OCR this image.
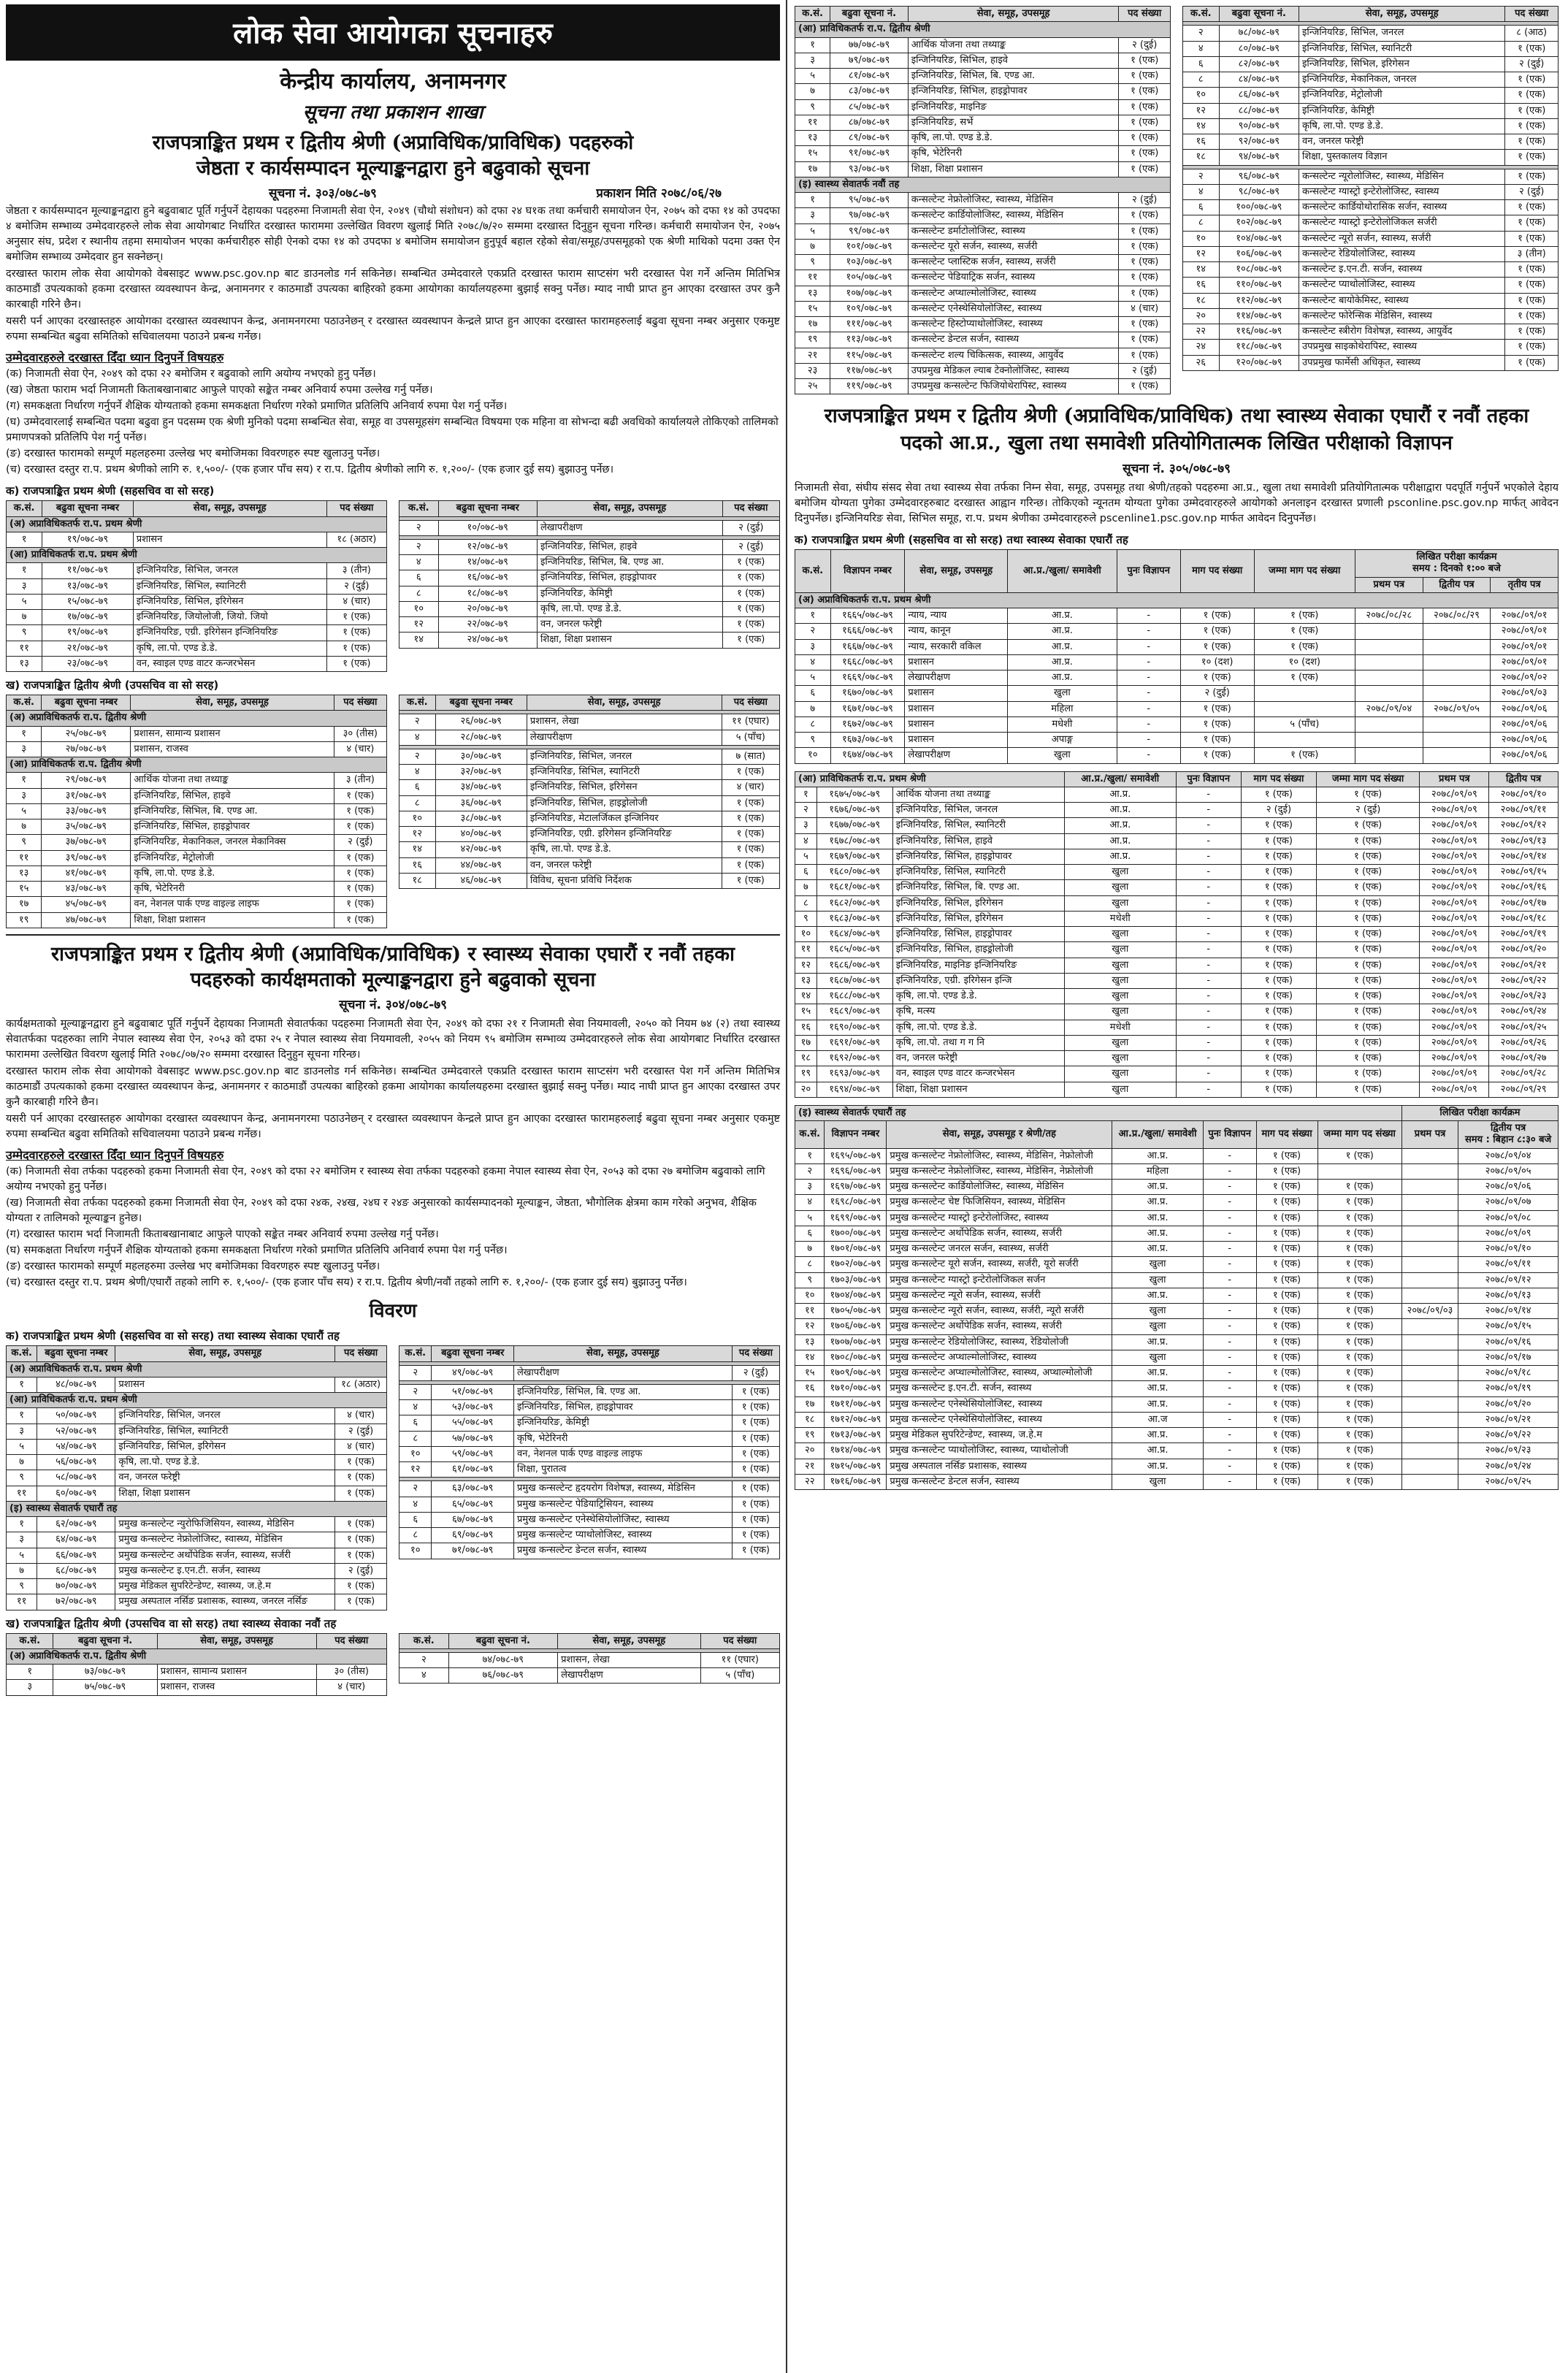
लोक सेवा आयोगका सूचनाहरु
केन्द्रीय कार्यालय, अनामनगर
सूचना तथा प्रकाशन शाखा
राजपत्राङ्कित प्रथम र द्वितीय श्रेणी (अप्राविधिक/प्राविधिक) पदहरुको
जेष्ठता र कार्यसम्पादन मूल्याङ्कनद्वारा हुने बढुवाको सूचना
सूचना नं. ३०३/०७८-७९	प्रकाशन मिति २०७८/०६/२७
जेष्ठता र कार्यसम्पादन मूल्याङ्कनद्वारा हुने बढुवाबाट पूर्ति गर्नुपर्ने देहायका पदहरुमा निजामती सेवा ऐन, २०४९ (चौथो संशोधन) को दफा २४ घ१क तथा कर्मचारी समायोजन ऐन, २०७५ को दफा १४ को उपदफा ४ बमोजिम सम्भाव्य उम्मेदवारहरुले लोक सेवा आयोगबाट निर्धारित दरखास्त फाराममा उल्लेखित विवरण खुलाई मिति २०७८/७/२० सम्ममा दरखास्त दिनुहुन सूचना गरिन्छ। कर्मचारी समायोजन ऐन, २०७५ अनुसार संघ, प्रदेश र स्थानीय तहमा समायोजन भएका कर्मचारीहरु सोही ऐनको दफा १४ को उपदफा ४ बमोजिम समायोजन हुनुपूर्व बहाल रहेको सेवा/समूह/उपसमूहको एक श्रेणी माथिको पदमा उक्त ऐन बमोजिम सम्भाव्य उम्मेदवार हुन सक्नेछन्।
दरखास्त फाराम लोक सेवा आयोगको वेबसाइट www.psc.gov.np बाट डाउनलोड गर्न सकिनेछ। सम्बन्धित उम्मेदवारले एकप्रति दरखास्त फाराम साप्टसंग भरी दरखास्त पेश गर्ने अन्तिम मितिभित्र काठमाडौं उपत्यकाको हकमा दरखास्त व्यवस्थापन केन्द्र, अनामनगर र काठमाडौं उपत्यका बाहिरको हकमा आयोगका कार्यालयहरुमा बुझाई सक्नु पर्नेछ। म्याद नाघी प्राप्त हुन आएका दरखास्त उपर कुनै कारबाही गरिने छैन।
यसरी पर्न आएका दरखास्तहरु आयोगका दरखास्त व्यवस्थापन केन्द्र, अनामनगरमा पठाउनेछन् र दरखास्त व्यवस्थापन केन्द्रले प्राप्त हुन आएका दरखास्त फारामहरुलाई बढुवा सूचना नम्बर अनुसार एकमुष्ट रुपमा सम्बन्धित बढुवा समितिको सचिवालयमा पठाउने प्रबन्ध गर्नेछ।
उम्मेदवारहरुले दरखास्त दिँदा ध्यान दिनुपर्ने विषयहरु
(क) निजामती सेवा ऐन, २०४९ को दफा २२ बमोजिम र बढुवाको लागि अयोग्य नभएको हुनु पर्नेछ।
(ख) जेष्ठता फाराम भर्दा निजामती किताबखानाबाट आफुले पाएको सङ्केत नम्बर अनिवार्य रुपमा उल्लेख गर्नु पर्नेछ।
(ग) समकक्षता निर्धारण गर्नुपर्ने शैक्षिक योग्यताको हकमा समकक्षता निर्धारण गरेको प्रमाणित प्रतिलिपि अनिवार्य रुपमा पेश गर्नु पर्नेछ।
(घ) उम्मेदवारलाई सम्बन्धित पदमा बढुवा हुन पदसम्म एक श्रेणी मुनिको पदमा सम्बन्धित सेवा, समूह वा उपसमूहसंग सम्बन्धित विषयमा एक महिना वा सोभन्दा बढी अवधिको कार्यालयले तोकिएको तालिमको प्रमाणपत्रको प्रतिलिपि पेश गर्नु पर्नेछ।
(ङ) दरखास्त फारामको सम्पूर्ण महलहरुमा उल्लेख भए बमोजिमका विवरणहरु स्पष्ट खुलाउनु पर्नेछ।
(च) दरखास्त दस्तुर रा.प. प्रथम श्रेणीको लागि रु. १,५००/- (एक हजार पाँच सय) र रा.प. द्वितीय श्रेणीको लागि रु. १,२००/- (एक हजार दुई सय) बुझाउनु पर्नेछ।
क) राजपत्राङ्कित प्रथम श्रेणी (सहसचिव वा सो सरह)
क.सं.	बढुवा सूचना नम्बर	सेवा, समूह, उपसमूह	पद संख्या
(अ) अप्राविधिकतर्फ रा.प. प्रथम श्रेणी			
१	१९/०७८-७९	प्रशासन	१८ (अठार)
(आ) प्राविधिकतर्फ रा.प. प्रथम श्रेणी			
१	११/०७८-७९	इन्जिनियरिङ, सिभिल, जनरल	३ (तीन)
३	१३/०७८-७९	इन्जिनियरिङ, सिभिल, स्यानिटरी	२ (दुई)
५	१५/०७८-७९	इन्जिनियरिङ, सिभिल, इरिगेसन	४ (चार)
७	१७/०७८-७९	इन्जिनियरिङ, जियोलोजी, जियो. जियो	१ (एक)
९	१९/०७८-७९	इन्जिनियरिङ, एग्री. इरिगेसन इन्जिनियरिङ	१ (एक)
११	२१/०७८-७९	कृषि, ला.पो. एण्ड डे.डे.	१ (एक)
१३	२३/०७८-७९	वन, स्वाइल एण्ड वाटर कन्जरभेसन	१ (एक)
क.सं.	बढुवा सूचना नम्बर	सेवा, समूह, उपसमूह	पद संख्या

२	१०/०७८-७९	लेखापरीक्षण	२ (दुई)

२	१२/०७८-७९	इन्जिनियरिङ, सिभिल, हाइवे	२ (दुई)
४	१४/०७८-७९	इन्जिनियरिङ, सिभिल, बि. एण्ड आ.	१ (एक)
६	१६/०७८-७९	इन्जिनियरिङ, सिभिल, हाइड्रोपावर	१ (एक)
८	१८/०७८-७९	इन्जिनियरिङ, केमिष्ट्री	१ (एक)
१०	२०/०७८-७९	कृषि, ला.पो. एण्ड डे.डे.	१ (एक)
१२	२२/०७८-७९	वन, जनरल फरेष्ट्री	१ (एक)
१४	२४/०७८-७९	शिक्षा, शिक्षा प्रशासन	१ (एक)
ख) राजपत्राङ्कित द्वितीय श्रेणी (उपसचिव वा सो सरह)
क.सं.	बढुवा सूचना नम्बर	सेवा, समूह, उपसमूह	पद संख्या
(अ) अप्राविधिकतर्फ रा.प. द्वितीय श्रेणी			
१	२५/०७८-७९	प्रशासन, सामान्य प्रशासन	३० (तीस)
३	२७/०७८-७९	प्रशासन, राजस्व	४ (चार)
(आ) प्राविधिकतर्फ रा.प. द्वितीय श्रेणी			
१	२९/०७८-७९	आर्थिक योजना तथा तथ्याङ्क	३ (तीन)
३	३१/०७८-७९	इन्जिनियरिङ, सिभिल, हाइवे	१ (एक)
५	३३/०७८-७९	इन्जिनियरिङ, सिभिल, बि. एण्ड आ.	१ (एक)
७	३५/०७८-७९	इन्जिनियरिङ, सिभिल, हाइड्रोपावर	१ (एक)
९	३७/०७८-७९	इन्जिनियरिङ, मेकानिकल, जनरल मेकानिक्स	२ (दुई)
११	३९/०७८-७९	इन्जिनियरिङ, मेट्रोलोजी	१ (एक)
१३	४१/०७८-७९	कृषि, ला.पो. एण्ड डे.डे.	१ (एक)
१५	४३/०७८-७९	कृषि, भेटेरिनरी	१ (एक)
१७	४५/०७८-७९	वन, नेशनल पार्क एण्ड वाइल्ड लाइफ	१ (एक)
१९	४७/०७८-७९	शिक्षा, शिक्षा प्रशासन	१ (एक)
क.सं.	बढुवा सूचना नम्बर	सेवा, समूह, उपसमूह	पद संख्या

२	२६/०७८-७९	प्रशासन, लेखा	११ (एघार)
४	२८/०७८-७९	लेखापरीक्षण	५ (पाँच)

२	३०/०७८-७९	इन्जिनियरिङ, सिभिल, जनरल	७ (सात)
४	३२/०७८-७९	इन्जिनियरिङ, सिभिल, स्यानिटरी	१ (एक)
६	३४/०७८-७९	इन्जिनियरिङ, सिभिल, इरिगेसन	४ (चार)
८	३६/०७८-७९	इन्जिनियरिङ, सिभिल, हाइड्रोलोजी	१ (एक)
१०	३८/०७८-७९	इन्जिनियरिङ, मेटालर्जिकल इन्जिनियर	१ (एक)
१२	४०/०७८-७९	इन्जिनियरिङ, एग्री. इरिगेसन इन्जिनियरिङ	१ (एक)
१४	४२/०७८-७९	कृषि, ला.पो. एण्ड डे.डे.	१ (एक)
१६	४४/०७८-७९	वन, जनरल फरेष्ट्री	१ (एक)
१८	४६/०७८-७९	विविध, सूचना प्रविधि निर्देशक	१ (एक)
राजपत्राङ्कित प्रथम र द्वितीय श्रेणी (अप्राविधिक/प्राविधिक) र स्वास्थ्य सेवाका एघारौं र नवौं तहका
पदहरुको कार्यक्षमताको मूल्याङ्कनद्वारा हुने बढुवाको सूचना
सूचना नं. ३०४/०७८-७९
कार्यक्षमताको मूल्याङ्कनद्वारा हुने बढुवाबाट पूर्ति गर्नुपर्ने देहायका निजामती सेवातर्फका पदहरुमा निजामती सेवा ऐन, २०४९ को दफा २१ र निजामती सेवा नियमावली, २०५० को नियम ७४ (२) तथा स्वास्थ्य सेवातर्फका पदहरुका लागि नेपाल स्वास्थ्य सेवा ऐन, २०५३ को दफा २५ र नेपाल स्वास्थ्य सेवा नियमावली, २०५५ को नियम ९५ बमोजिम सम्भाव्य उम्मेदवारहरुले लोक सेवा आयोगबाट निर्धारित दरखास्त फाराममा उल्लेखित विवरण खुलाई मिति २०७८/०७/२० सम्ममा दरखास्त दिनुहुन सूचना गरिन्छ।
दरखास्त फाराम लोक सेवा आयोगको वेबसाइट www.psc.gov.np बाट डाउनलोड गर्न सकिनेछ। सम्बन्धित उम्मेदवारले एकप्रति दरखास्त फाराम साप्टसंग भरी दरखास्त पेश गर्ने अन्तिम मितिभित्र काठमाडौं उपत्यकाको हकमा दरखास्त व्यवस्थापन केन्द्र, अनामनगर र काठमाडौं उपत्यका बाहिरको हकमा आयोगका कार्यालयहरुमा दरखास्त बुझाई सक्नु पर्नेछ। म्याद नाघी प्राप्त हुन आएका दरखास्त उपर कुनै कारबाही गरिने छैन।
यसरी पर्न आएका दरखास्तहरु आयोगका दरखास्त व्यवस्थापन केन्द्र, अनामनगरमा पठाउनेछन् र दरखास्त व्यवस्थापन केन्द्रले प्राप्त हुन आएका दरखास्त फारामहरुलाई बढुवा सूचना नम्बर अनुसार एकमुष्ट रुपमा सम्बन्धित बढुवा समितिको सचिवालयमा पठाउने प्रबन्ध गर्नेछ।
उम्मेदवारहरुले दरखास्त दिँदा ध्यान दिनुपर्ने विषयहरु
(क) निजामती सेवा तर्फका पदहरुको हकमा निजामती सेवा ऐन, २०४९ को दफा २२ बमोजिम र स्वास्थ्य सेवा तर्फका पदहरुको हकमा नेपाल स्वास्थ्य सेवा ऐन, २०५३ को दफा २७ बमोजिम बढुवाको लागि अयोग्य नभएको हुनु पर्नेछ।
(ख) निजामती सेवा तर्फका पदहरुको हकमा निजामती सेवा ऐन, २०४९ को दफा २४क, २४ख, २४घ र २४ङ अनुसारको कार्यसम्पादनको मूल्याङ्कन, जेष्ठता, भौगोलिक क्षेत्रमा काम गरेको अनुभव, शैक्षिक योग्यता र तालिमको मूल्याङ्कन हुनेछ।
(ग) दरखास्त फाराम भर्दा निजामती किताबखानाबाट आफुले पाएको सङ्केत नम्बर अनिवार्य रुपमा उल्लेख गर्नु पर्नेछ।
(घ) समकक्षता निर्धारण गर्नुपर्ने शैक्षिक योग्यताको हकमा समकक्षता निर्धारण गरेको प्रमाणित प्रतिलिपि अनिवार्य रुपमा पेश गर्नु पर्नेछ।
(ङ) दरखास्त फारामको सम्पूर्ण महलहरुमा उल्लेख भए बमोजिमका विवरणहरु स्पष्ट खुलाउनु पर्नेछ।
(च) दरखास्त दस्तुर रा.प. प्रथम श्रेणी/एघारौं तहको लागि रु. १,५००/- (एक हजार पाँच सय) र रा.प. द्वितीय श्रेणी/नवौं तहको लागि रु. १,२००/- (एक हजार दुई सय) बुझाउनु पर्नेछ।
विवरण
क) राजपत्राङ्कित प्रथम श्रेणी (सहसचिव वा सो सरह) तथा स्वास्थ्य सेवाका एघारौं तह
क.सं.	बढुवा सूचना नम्बर	सेवा, समूह, उपसमूह	पद संख्या
(अ) अप्राविधिकतर्फ रा.प. प्रथम श्रेणी			
१	४८/०७८-७९	प्रशासन	१८ (अठार)
(आ) प्राविधिकतर्फ रा.प. प्रथम श्रेणी			
१	५०/०७८-७९	इन्जिनियरिङ, सिभिल, जनरल	४ (चार)
३	५२/०७८-७९	इन्जिनियरिङ, सिभिल, स्यानिटरी	२ (दुई)
५	५४/०७८-७९	इन्जिनियरिङ, सिभिल, इरिगेसन	४ (चार)
७	५६/०७८-७९	कृषि, ला.पो. एण्ड डे.डे.	१ (एक)
९	५८/०७८-७९	वन, जनरल फरेष्ट्री	१ (एक)
११	६०/०७८-७९	शिक्षा, शिक्षा प्रशासन	१ (एक)
(इ) स्वास्थ्य सेवातर्फ एघारौं तह			
१	६२/०७८-७९	प्रमुख कन्सल्टेन्ट न्युरोफिजिसियन, स्वास्थ्य, मेडिसिन	१ (एक)
३	६४/०७८-७९	प्रमुख कन्सल्टेन्ट नेफ्रोलोजिस्ट, स्वास्थ्य, मेडिसिन	१ (एक)
५	६६/०७८-७९	प्रमुख कन्सल्टेन्ट अर्थोपेडिक सर्जन, स्वास्थ्य, सर्जरी	१ (एक)
७	६८/०७८-७९	प्रमुख कन्सल्टेन्ट इ.एन.टी. सर्जन, स्वास्थ्य	२ (दुई)
९	७०/०७८-७९	प्रमुख मेडिकल सुपरिटेन्डेण्ट, स्वास्थ्य, ज.हे.म	१ (एक)
११	७२/०७८-७९	प्रमुख अस्पताल नर्सिङ प्रशासक, स्वास्थ्य, जनरल नर्सिङ	१ (एक)
क.सं.	बढुवा सूचना नम्बर	सेवा, समूह, उपसमूह	पद संख्या

२	४९/०७८-७९	लेखापरीक्षण	२ (दुई)

२	५१/०७८-७९	इन्जिनियरिङ, सिभिल, बि. एण्ड आ.	१ (एक)
४	५३/०७८-७९	इन्जिनियरिङ, सिभिल, हाइड्रोपावर	१ (एक)
६	५५/०७८-७९	इन्जिनियरिङ, केमिष्ट्री	१ (एक)
८	५७/०७८-७९	कृषि, भेटेरिनरी	१ (एक)
१०	५९/०७८-७९	वन, नेशनल पार्क एण्ड वाइल्ड लाइफ	१ (एक)
१२	६१/०७८-७९	शिक्षा, पुरातत्व	१ (एक)

२	६३/०७८-७९	प्रमुख कन्सल्टेन्ट हृदयरोग विशेषज्ञ, स्वास्थ्य, मेडिसिन	१ (एक)
४	६५/०७८-७९	प्रमुख कन्सल्टेन्ट पेडियाट्रिसियन, स्वास्थ्य	१ (एक)
६	६७/०७८-७९	प्रमुख कन्सल्टेन्ट एनेस्थेसियोलोजिस्ट, स्वास्थ्य	१ (एक)
८	६९/०७८-७९	प्रमुख कन्सल्टेन्ट प्याथोलोजिस्ट, स्वास्थ्य	१ (एक)
१०	७१/०७८-७९	प्रमुख कन्सल्टेन्ट डेन्टल सर्जन, स्वास्थ्य	१ (एक)
ख) राजपत्राङ्कित द्वितीय श्रेणी (उपसचिव वा सो सरह) तथा स्वास्थ्य सेवाका नवौं तह
क.सं.	बढुवा सूचना नं.	सेवा, समूह, उपसमूह	पद संख्या
(अ) अप्राविधिकतर्फ रा.प. द्वितीय श्रेणी			
१	७३/०७८-७९	प्रशासन, सामान्य प्रशासन	३० (तीस)
३	७५/०७८-७९	प्रशासन, राजस्व	४ (चार)
क.सं.	बढुवा सूचना नं.	सेवा, समूह, उपसमूह	पद संख्या

२	७४/०७८-७९	प्रशासन, लेखा	११ (एघार)
४	७६/०७८-७९	लेखापरीक्षण	५ (पाँच)
क.सं.	बढुवा सूचना नं.	सेवा, समूह, उपसमूह	पद संख्या
(आ) प्राविधिकतर्फ रा.प. द्वितीय श्रेणी			
१	७७/०७८-७९	आर्थिक योजना तथा तथ्याङ्क	२ (दुई)
३	७९/०७८-७९	इन्जिनियरिङ, सिभिल, हाइवे	१ (एक)
५	८१/०७८-७९	इन्जिनियरिङ, सिभिल, बि. एण्ड आ.	१ (एक)
७	८३/०७८-७९	इन्जिनियरिङ, सिभिल, हाइड्रोपावर	१ (एक)
९	८५/०७८-७९	इन्जिनियरिङ, माइनिङ	१ (एक)
११	८७/०७८-७९	इन्जिनियरिङ, सर्भे	१ (एक)
१३	८९/०७८-७९	कृषि, ला.पो. एण्ड डे.डे.	१ (एक)
१५	९१/०७८-७९	कृषि, भेटेरिनरी	१ (एक)
१७	९३/०७८-७९	शिक्षा, शिक्षा प्रशासन	१ (एक)
(इ) स्वास्थ्य सेवातर्फ नवौं तह			
१	९५/०७८-७९	कन्सल्टेन्ट नेफ्रोलोजिस्ट, स्वास्थ्य, मेडिसिन	२ (दुई)
३	९७/०७८-७९	कन्सल्टेन्ट कार्डियोलोजिस्ट, स्वास्थ्य, मेडिसिन	१ (एक)
५	९९/०७८-७९	कन्सल्टेन्ट डर्माटोलोजिस्ट, स्वास्थ्य	१ (एक)
७	१०१/०७८-७९	कन्सल्टेन्ट यूरो सर्जन, स्वास्थ्य, सर्जरी	१ (एक)
९	१०३/०७८-७९	कन्सल्टेन्ट प्लास्टिक सर्जन, स्वास्थ्य, सर्जरी	१ (एक)
११	१०५/०७८-७९	कन्सल्टेन्ट पेडियाट्रिक सर्जन, स्वास्थ्य	१ (एक)
१३	१०७/०७८-७९	कन्सल्टेन्ट अप्थाल्मोलोजिस्ट, स्वास्थ्य	१ (एक)
१५	१०९/०७८-७९	कन्सल्टेन्ट एनेस्थेसियोलोजिस्ट, स्वास्थ्य	४ (चार)
१७	१११/०७८-७९	कन्सल्टेन्ट हिस्टोप्याथोलोजिस्ट, स्वास्थ्य	१ (एक)
१९	११३/०७८-७९	कन्सल्टेन्ट डेन्टल सर्जन, स्वास्थ्य	१ (एक)
२१	११५/०७८-७९	कन्सल्टेन्ट शल्य चिकित्सक, स्वास्थ्य, आयुर्वेद	१ (एक)
२३	११७/०७८-७९	उपप्रमुख मेडिकल ल्याब टेक्नोलोजिस्ट, स्वास्थ्य	२ (दुई)
२५	११९/०७८-७९	उपप्रमुख कन्सल्टेन्ट फिजियोथेरापिस्ट, स्वास्थ्य	१ (एक)
क.सं.	बढुवा सूचना नं.	सेवा, समूह, उपसमूह	पद संख्या

२	७८/०७८-७९	इन्जिनियरिङ, सिभिल, जनरल	८ (आठ)
४	८०/०७८-७९	इन्जिनियरिङ, सिभिल, स्यानिटरी	१ (एक)
६	८२/०७८-७९	इन्जिनियरिङ, सिभिल, इरिगेसन	२ (दुई)
८	८४/०७८-७९	इन्जिनियरिङ, मेकानिकल, जनरल	१ (एक)
१०	८६/०७८-७९	इन्जिनियरिङ, मेट्रोलोजी	१ (एक)
१२	८८/०७८-७९	इन्जिनियरिङ, केमिष्ट्री	१ (एक)
१४	९०/०७८-७९	कृषि, ला.पो. एण्ड डे.डे.	१ (एक)
१६	९२/०७८-७९	वन, जनरल फरेष्ट्री	१ (एक)
१८	९४/०७८-७९	शिक्षा, पुस्तकालय विज्ञान	१ (एक)

२	९६/०७८-७९	कन्सल्टेन्ट न्यूरोलोजिस्ट, स्वास्थ्य, मेडिसिन	१ (एक)
४	९८/०७८-७९	कन्सल्टेन्ट ग्यास्ट्रो इन्टेरोलोजिस्ट, स्वास्थ्य	२ (दुई)
६	१००/०७८-७९	कन्सल्टेन्ट कार्डियोथोरासिक सर्जन, स्वास्थ्य	१ (एक)
८	१०२/०७८-७९	कन्सल्टेन्ट ग्यास्ट्रो इन्टेरोलोजिकल सर्जरी	१ (एक)
१०	१०४/०७८-७९	कन्सल्टेन्ट न्यूरो सर्जन, स्वास्थ्य, सर्जरी	१ (एक)
१२	१०६/०७८-७९	कन्सल्टेन्ट रेडियोलोजिस्ट, स्वास्थ्य	३ (तीन)
१४	१०८/०७८-७९	कन्सल्टेन्ट इ.एन.टी. सर्जन, स्वास्थ्य	१ (एक)
१६	११०/०७८-७९	कन्सल्टेन्ट प्याथोलोजिस्ट, स्वास्थ्य	१ (एक)
१८	११२/०७८-७९	कन्सल्टेन्ट बायोकेमिस्ट, स्वास्थ्य	१ (एक)
२०	११४/०७८-७९	कन्सल्टेन्ट फोरेन्सिक मेडिसिन, स्वास्थ्य	१ (एक)
२२	११६/०७८-७९	कन्सल्टेन्ट स्त्रीरोग विशेषज्ञ, स्वास्थ्य, आयुर्वेद	१ (एक)
२४	११८/०७८-७९	उपप्रमुख साइकोथेरापिस्ट, स्वास्थ्य	१ (एक)
२६	१२०/०७८-७९	उपप्रमुख फार्मेसी अधिकृत, स्वास्थ्य	१ (एक)
राजपत्राङ्कित प्रथम र द्वितीय श्रेणी (अप्राविधिक/प्राविधिक) तथा स्वास्थ्य सेवाका एघारौं र नवौं तहका
पदको आ.प्र., खुला तथा समावेशी प्रतियोगितात्मक लिखित परीक्षाको विज्ञापन
सूचना नं. ३०५/०७८-७९
निजामती सेवा, संघीय संसद सेवा तथा स्वास्थ्य सेवा तर्फका निम्न सेवा, समूह, उपसमूह तथा श्रेणी/तहको पदहरुमा आ.प्र., खुला तथा समावेशी प्रतियोगितात्मक परीक्षाद्वारा पदपूर्ति गर्नुपर्ने भएकोले देहाय बमोजिम योग्यता पुगेका उम्मेदवारहरुबाट दरखास्त आह्वान गरिन्छ। तोकिएको न्यूनतम योग्यता पुगेका उम्मेदवारहरुले आयोगको अनलाइन दरखास्त प्रणाली psconline.psc.gov.np मार्फत् आवेदन दिनुपर्नेछ। इन्जिनियरिङ सेवा, सिभिल समूह, रा.प. प्रथम श्रेणीका उम्मेदवारहरुले pscenline1.psc.gov.np मार्फत आवेदन दिनुपर्नेछ।
क) राजपत्राङ्कित प्रथम श्रेणी (सहसचिव वा सो सरह) तथा स्वास्थ्य सेवाका एघारौं तह
क.सं.	विज्ञापन नम्बर	सेवा, समूह, उपसमूह	आ.प्र./खुला/ समावेशी	पुनः विज्ञापन	माग पद संख्या	जम्मा माग पद संख्या	लिखित परीक्षा कार्यक्रम
समय : दिनको १:०० बजे		

							प्रथम पत्र	द्वितीय पत्र	तृतीय पत्र
(अ) अप्राविधिकतर्फ रा.प. प्रथम श्रेणी									
१	१६६५/०७८-७९	न्याय, न्याय	आ.प्र.	-	१ (एक)	१ (एक)	२०७८/०८/२८	२०७८/०८/२९	२०७८/०९/०१
२	१६६६/०७८-७९	न्याय, कानून	आ.प्र.	-	१ (एक)	१ (एक)			२०७८/०९/०१
३	१६६७/०७८-७९	न्याय, सरकारी वकिल	आ.प्र.	-	१ (एक)	१ (एक)			२०७८/०९/०१
४	१६६८/०७८-७९	प्रशासन	आ.प्र.	-	१० (दश)	१० (दश)			२०७८/०९/०१
५	१६६९/०७८-७९	लेखापरीक्षण	आ.प्र.	-	१ (एक)	१ (एक)			२०७८/०९/०२
६	१६७०/०७८-७९	प्रशासन	खुला	-	२ (दुई)				२०७८/०९/०३
७	१६७१/०७८-७९	प्रशासन	महिला	-	१ (एक)		२०७८/०९/०४	२०७८/०९/०५	२०७८/०९/०६
८	१६७२/०७८-७९	प्रशासन	मधेशी	-	१ (एक)	५ (पाँच)			२०७८/०९/०६
९	१६७३/०७८-७९	प्रशासन	अपाङ्ग	-	१ (एक)				२०७८/०९/०६
१०	१६७४/०७८-७९	लेखापरीक्षण	खुला	-	१ (एक)	१ (एक)			२०७८/०९/०६
(आ) प्राविधिकतर्फ रा.प. प्रथम श्रेणी			आ.प्र./खुला/ समावेशी	पुनः विज्ञापन	माग पद संख्या	जम्मा माग पद संख्या	प्रथम पत्र	द्वितीय पत्र
१	१६७५/०७८-७९	आर्थिक योजना तथा तथ्याङ्क	आ.प्र.	-	१ (एक)	१ (एक)	२०७८/०९/०९	२०७८/०९/१०
२	१६७६/०७८-७९	इन्जिनियरिङ, सिभिल, जनरल	आ.प्र.	-	२ (दुई)	२ (दुई)	२०७८/०९/०९	२०७८/०९/११
३	१६७७/०७८-७९	इन्जिनियरिङ, सिभिल, स्यानिटरी	आ.प्र.	-	१ (एक)	१ (एक)	२०७८/०९/०९	२०७८/०९/१२
४	१६७८/०७८-७९	इन्जिनियरिङ, सिभिल, हाइवे	आ.प्र.	-	१ (एक)	१ (एक)	२०७८/०९/०९	२०७८/०९/१३
५	१६७९/०७८-७९	इन्जिनियरिङ, सिभिल, हाइड्रोपावर	आ.प्र.	-	१ (एक)	१ (एक)	२०७८/०९/०९	२०७८/०९/१४
६	१६८०/०७८-७९	इन्जिनियरिङ, सिभिल, स्यानिटरी	खुला	-	१ (एक)	१ (एक)	२०७८/०९/०९	२०७८/०९/१५
७	१६८१/०७८-७९	इन्जिनियरिङ, सिभिल, बि. एण्ड आ.	खुला	-	१ (एक)	१ (एक)	२०७८/०९/०९	२०७८/०९/१६
८	१६८२/०७८-७९	इन्जिनियरिङ, सिभिल, इरिगेसन	खुला	-	१ (एक)	१ (एक)	२०७८/०९/०९	२०७८/०९/१७
९	१६८३/०७८-७९	इन्जिनियरिङ, सिभिल, इरिगेसन	मधेशी	-	१ (एक)	१ (एक)	२०७८/०९/०९	२०७८/०९/१८
१०	१६८४/०७८-७९	इन्जिनियरिङ, सिभिल, हाइड्रोपावर	खुला	-	१ (एक)	१ (एक)	२०७८/०९/०९	२०७८/०९/१९
११	१६८५/०७८-७९	इन्जिनियरिङ, सिभिल, हाइड्रोलोजी	खुला	-	१ (एक)	१ (एक)	२०७८/०९/०९	२०७८/०९/२०
१२	१६८६/०७८-७९	इन्जिनियरिङ, माइनिङ इन्जिनियरिङ	खुला	-	१ (एक)	१ (एक)	२०७८/०९/०९	२०७८/०९/२१
१३	१६८७/०७८-७९	इन्जिनियरिङ, एग्री. इरिगेसन इन्जि	खुला	-	१ (एक)	१ (एक)	२०७८/०९/०९	२०७८/०९/२२
१४	१६८८/०७८-७९	कृषि, ला.पो. एण्ड डे.डे.	खुला	-	१ (एक)	१ (एक)	२०७८/०९/०९	२०७८/०९/२३
१५	१६८९/०७८-७९	कृषि, मत्स्य	खुला	-	१ (एक)	१ (एक)	२०७८/०९/०९	२०७८/०९/२४
१६	१६९०/०७८-७९	कृषि, ला.पो. एण्ड डे.डे.	मधेशी	-	१ (एक)	१ (एक)	२०७८/०९/०९	२०७८/०९/२५
१७	१६९१/०७८-७९	कृषि, ला.पो. तथा ग ग नि	खुला	-	१ (एक)	१ (एक)	२०७८/०९/०९	२०७८/०९/२६
१८	१६९२/०७८-७९	वन, जनरल फरेष्ट्री	खुला	-	१ (एक)	१ (एक)	२०७८/०९/०९	२०७८/०९/२७
१९	१६९३/०७८-७९	वन, स्वाइल एण्ड वाटर कन्जरभेसन	खुला	-	१ (एक)	१ (एक)	२०७८/०९/०९	२०७८/०९/२८
२०	१६९४/०७८-७९	शिक्षा, शिक्षा प्रशासन	खुला	-	१ (एक)	१ (एक)	२०७८/०९/०९	२०७८/०९/२९
(इ) स्वास्थ्य सेवातर्फ एघारौं तह							लिखित परीक्षा कार्यक्रम	

क.सं.	विज्ञापन नम्बर	सेवा, समूह, उपसमूह र श्रेणी/तह	आ.प्र./खुला/ समावेशी	पुनः विज्ञापन	माग पद संख्या	जम्मा माग पद संख्या	प्रथम पत्र	द्वितीय पत्र
समय : बिहान ८:३० बजे

१	१६९५/०७८-७९	प्रमुख कन्सल्टेन्ट नेफ्रोलोजिस्ट, स्वास्थ्य, मेडिसिन, नेफ्रोलोजी	आ.प्र.	-	१ (एक)	१ (एक)		२०७८/०९/०४
२	१६९६/०७८-७९	प्रमुख कन्सल्टेन्ट नेफ्रोलोजिस्ट, स्वास्थ्य, मेडिसिन, नेफ्रोलोजी	महिला	-	१ (एक)			२०७८/०९/०५
३	१६९७/०७८-७९	प्रमुख कन्सल्टेन्ट कार्डियोलोजिस्ट, स्वास्थ्य, मेडिसिन	आ.प्र.	-	१ (एक)	१ (एक)		२०७८/०९/०६
४	१६९८/०७८-७९	प्रमुख कन्सल्टेन्ट चेष्ट फिजिसियन, स्वास्थ्य, मेडिसिन	आ.प्र.	-	१ (एक)	१ (एक)		२०७८/०९/०७
५	१६९९/०७८-७९	प्रमुख कन्सल्टेन्ट ग्यास्ट्रो इन्टेरोलोजिस्ट, स्वास्थ्य	आ.प्र.	-	१ (एक)	१ (एक)		२०७८/०९/०८
६	१७००/०७८-७९	प्रमुख कन्सल्टेन्ट अर्थोपेडिक सर्जन, स्वास्थ्य, सर्जरी	आ.प्र.	-	१ (एक)	१ (एक)		२०७८/०९/०९
७	१७०१/०७८-७९	प्रमुख कन्सल्टेन्ट जनरल सर्जन, स्वास्थ्य, सर्जरी	आ.प्र.	-	१ (एक)	१ (एक)		२०७८/०९/१०
८	१७०२/०७८-७९	प्रमुख कन्सल्टेन्ट यूरो सर्जन, स्वास्थ्य, सर्जरी, यूरो सर्जरी	खुला	-	१ (एक)	१ (एक)		२०७८/०९/११
९	१७०३/०७८-७९	प्रमुख कन्सल्टेन्ट ग्यास्ट्रो इन्टेरोलोजिकल सर्जन	खुला	-	१ (एक)	१ (एक)		२०७८/०९/१२
१०	१७०४/०७८-७९	प्रमुख कन्सल्टेन्ट न्यूरो सर्जन, स्वास्थ्य, सर्जरी	आ.प्र.	-	१ (एक)	१ (एक)		२०७८/०९/१३
११	१७०५/०७८-७९	प्रमुख कन्सल्टेन्ट न्यूरो सर्जन, स्वास्थ्य, सर्जरी, न्यूरो सर्जरी	खुला	-	१ (एक)	१ (एक)	२०७८/०९/०३	२०७८/०९/१४
१२	१७०६/०७८-७९	प्रमुख कन्सल्टेन्ट अर्थोपेडिक सर्जन, स्वास्थ्य, सर्जरी	खुला	-	१ (एक)	१ (एक)		२०७८/०९/१५
१३	१७०७/०७८-७९	प्रमुख कन्सल्टेन्ट रेडियोलोजिस्ट, स्वास्थ्य, रेडियोलोजी	आ.प्र.	-	१ (एक)	१ (एक)		२०७८/०९/१६
१४	१७०८/०७८-७९	प्रमुख कन्सल्टेन्ट अप्थाल्मोलोजिस्ट, स्वास्थ्य	खुला	-	१ (एक)	१ (एक)		२०७८/०९/१७
१५	१७०९/०७८-७९	प्रमुख कन्सल्टेन्ट अप्थाल्मोलोजिस्ट, स्वास्थ्य, अप्थाल्मोलोजी	आ.प्र.	-	१ (एक)	१ (एक)		२०७८/०९/१८
१६	१७१०/०७८-७९	प्रमुख कन्सल्टेन्ट इ.एन.टी. सर्जन, स्वास्थ्य	आ.प्र.	-	१ (एक)	१ (एक)		२०७८/०९/१९
१७	१७११/०७८-७९	प्रमुख कन्सल्टेन्ट एनेस्थेसियोलोजिस्ट, स्वास्थ्य	आ.प्र.	-	१ (एक)	१ (एक)		२०७८/०९/२०
१८	१७१२/०७८-७९	प्रमुख कन्सल्टेन्ट एनेस्थेसियोलोजिस्ट, स्वास्थ्य	आ.ज	-	१ (एक)	१ (एक)		२०७८/०९/२१
१९	१७१३/०७८-७९	प्रमुख मेडिकल सुपरिटेन्डेण्ट, स्वास्थ्य, ज.हे.म	आ.प्र.	-	१ (एक)	१ (एक)		२०७८/०९/२२
२०	१७१४/०७८-७९	प्रमुख कन्सल्टेन्ट प्याथोलोजिस्ट, स्वास्थ्य, प्याथोलोजी	आ.प्र.	-	१ (एक)	१ (एक)		२०७८/०९/२३
२१	१७१५/०७८-७९	प्रमुख अस्पताल नर्सिङ प्रशासक, स्वास्थ्य	आ.प्र.	-	१ (एक)	१ (एक)		२०७८/०९/२४
२२	१७१६/०७८-७९	प्रमुख कन्सल्टेन्ट डेन्टल सर्जन, स्वास्थ्य	खुला	-	१ (एक)	१ (एक)		२०७८/०९/२५
